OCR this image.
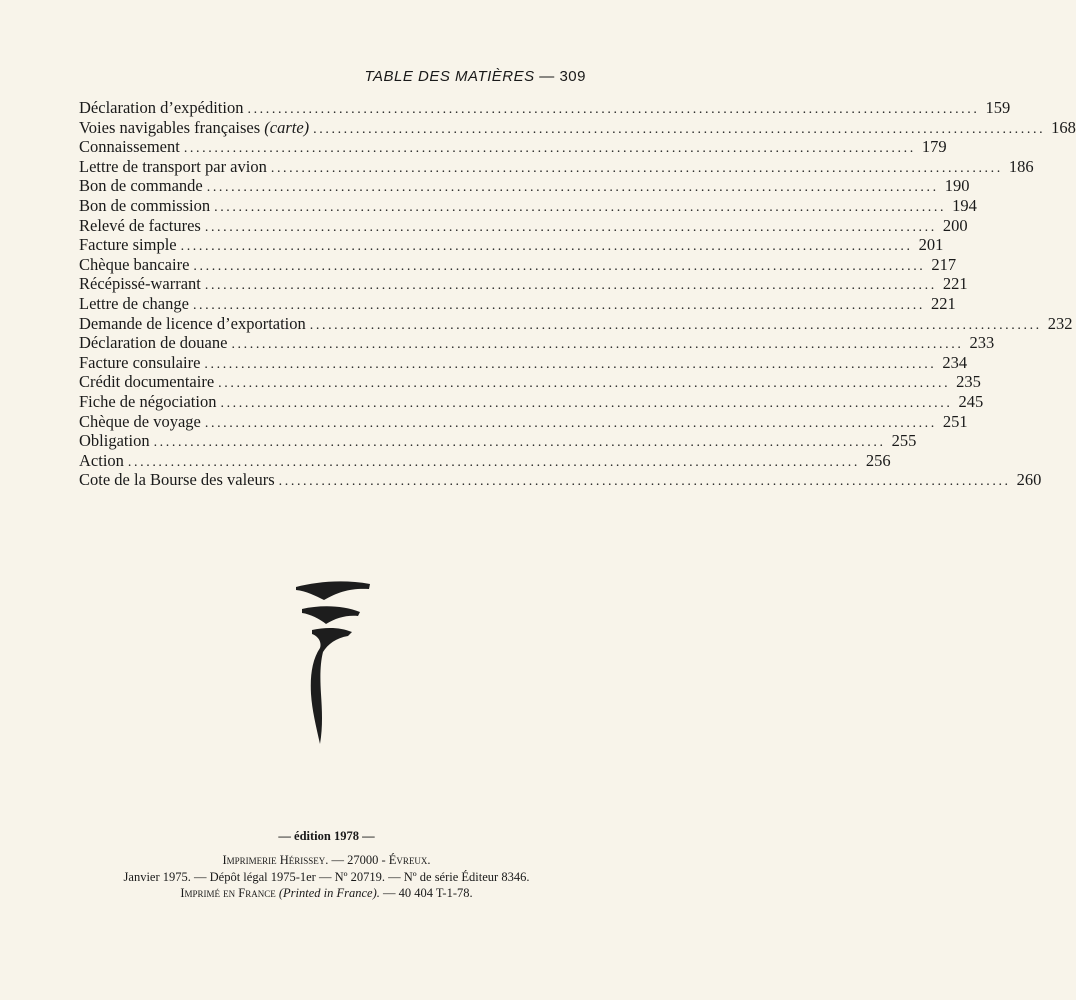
TABLE DES MATIÈRES — 309
Déclaration d’expédition ........................................................................................................................ 159
Voies navigables françaises (carte) ........................................................................................................................ 168
Connaissement ........................................................................................................................ 179
Lettre de transport par avion ........................................................................................................................ 186
Bon de commande ........................................................................................................................ 190
Bon de commission ........................................................................................................................ 194
Relevé de factures ........................................................................................................................ 200
Facture simple ........................................................................................................................ 201
Chèque bancaire ........................................................................................................................ 217
Récépissé-warrant ........................................................................................................................ 221
Lettre de change ........................................................................................................................ 221
Demande de licence d’exportation ........................................................................................................................ 232
Déclaration de douane ........................................................................................................................ 233
Facture consulaire ........................................................................................................................ 234
Crédit documentaire ........................................................................................................................ 235
Fiche de négociation ........................................................................................................................ 245
Chèque de voyage ........................................................................................................................ 251
Obligation ........................................................................................................................ 255
Action ........................................................................................................................ 256
Cote de la Bourse des valeurs ........................................................................................................................ 260
— édition 1978 —
Imprimerie Hérissey. — 27000 - Évreux.
Janvier 1975. — Dépôt légal 1975-1er — Nº 20719. — Nº de série Éditeur 8346.
Imprimé en France (Printed in France). — 40 404 T-1-78.
